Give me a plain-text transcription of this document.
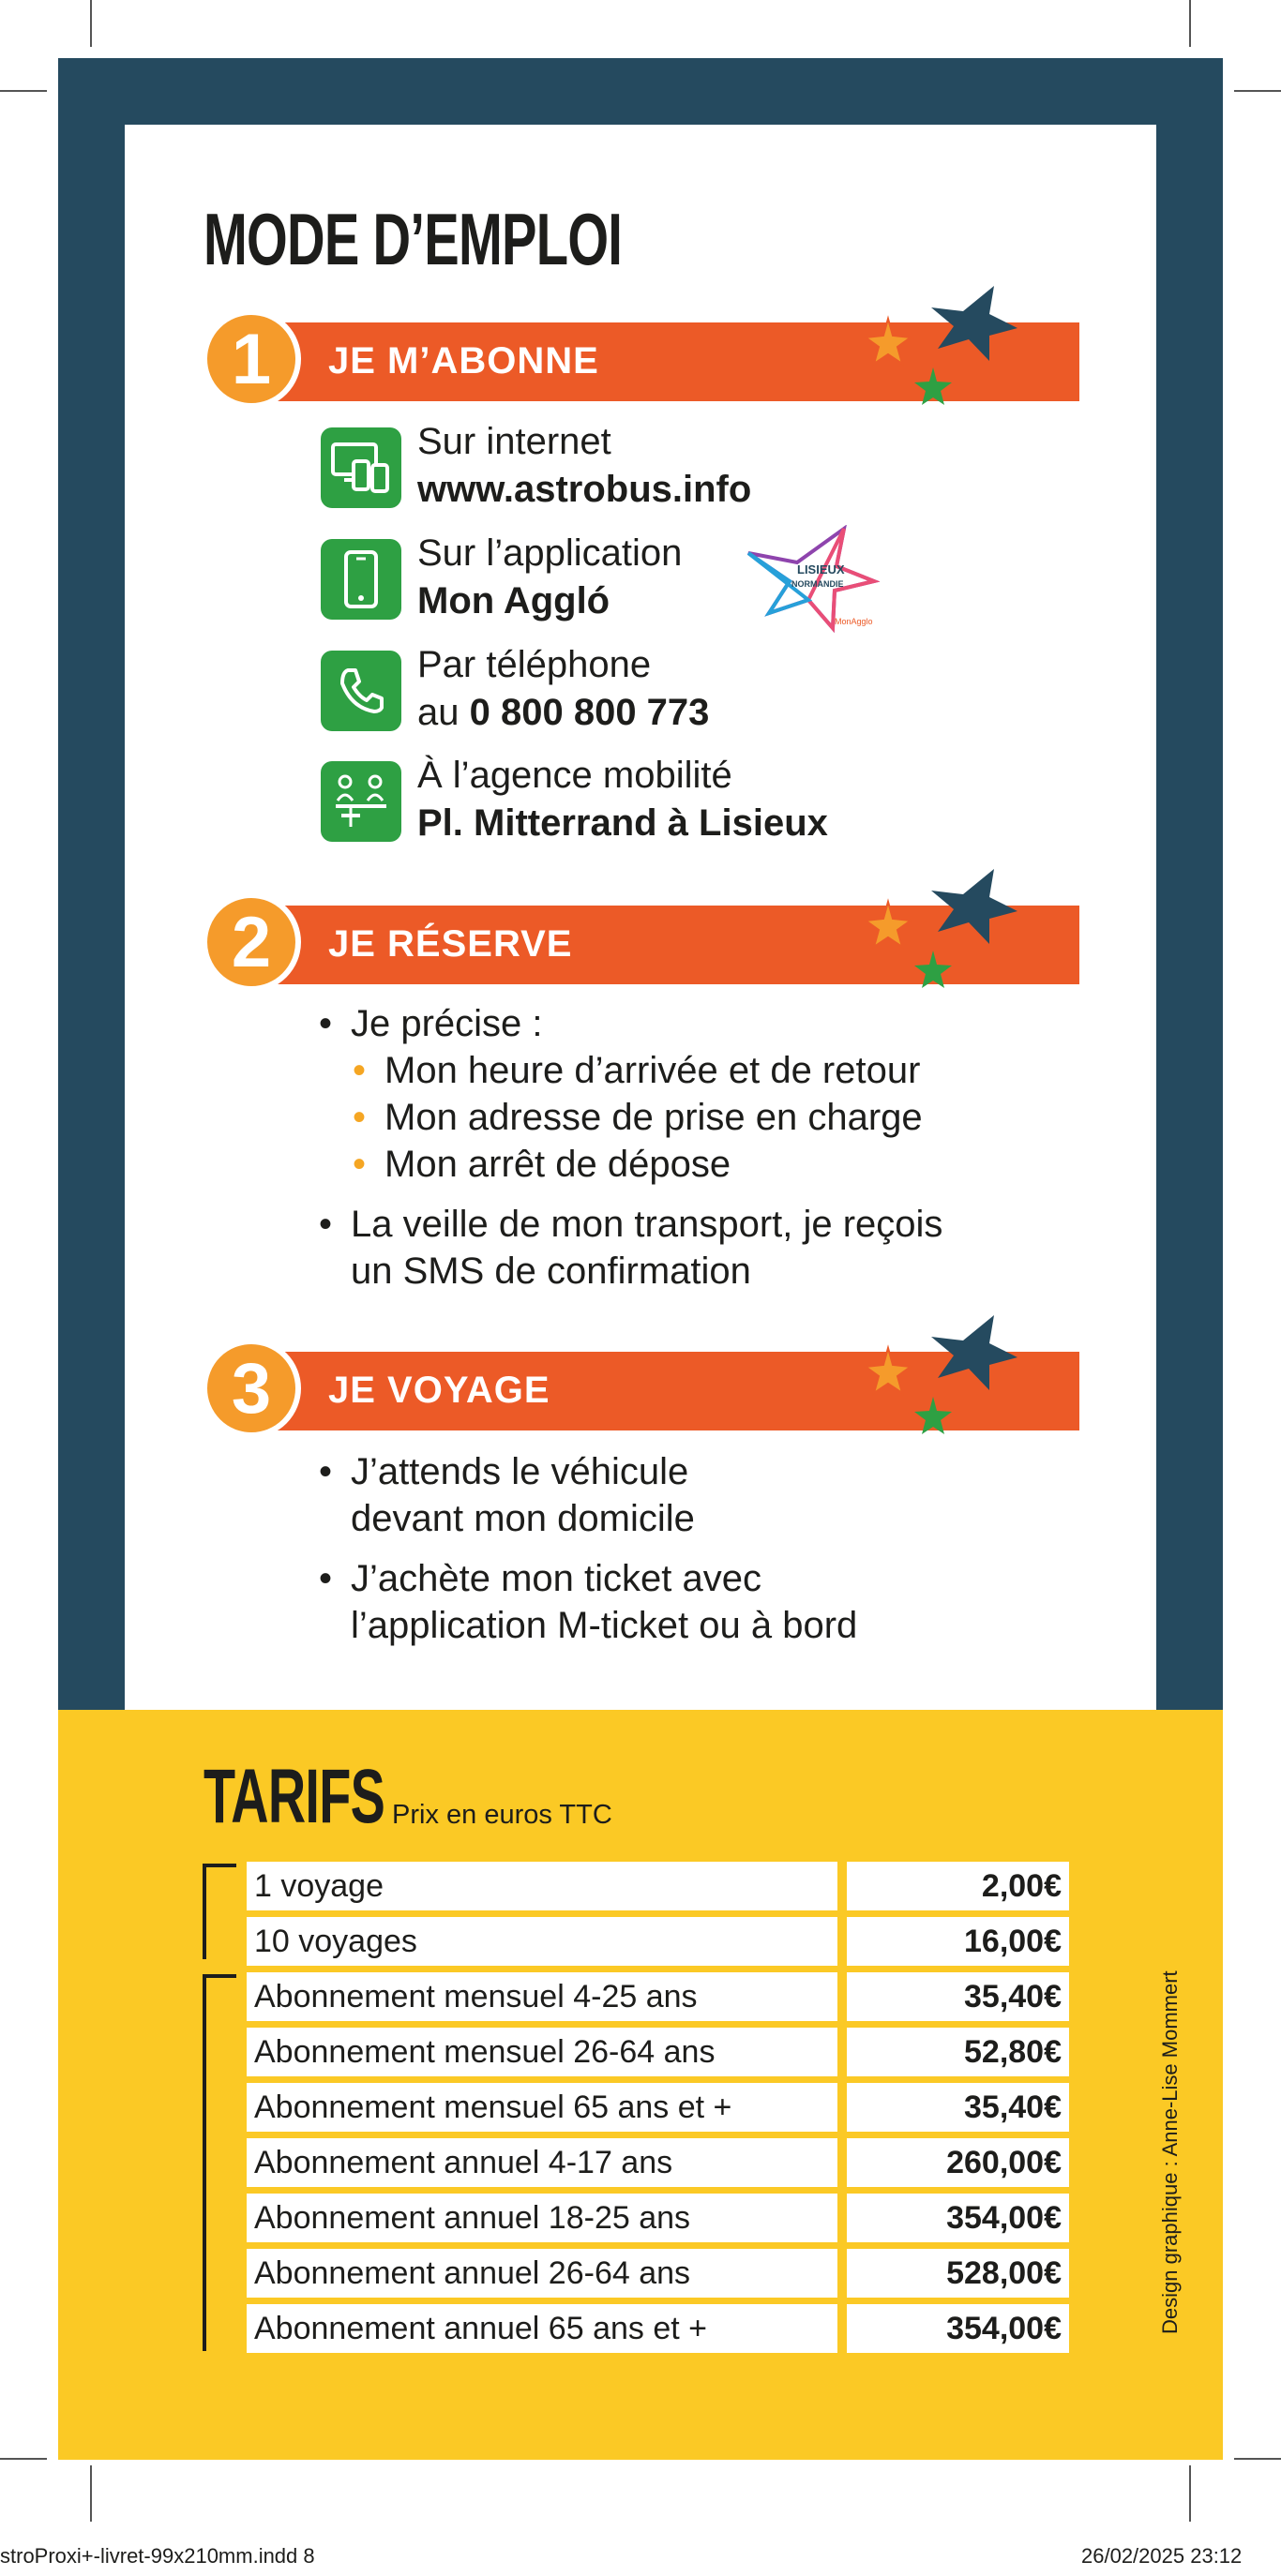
MODE D’EMPLOI
1	JE M’ABONNE
Sur internet
www.astrobus.info
Sur l’application
Mon Aggló
LISIEUX
NORMANDIE
MonAgglo
Par téléphone
au 0 800 800 773
À l’agence mobilité
Pl. Mitterrand à Lisieux
2	JE RÉSERVE
• Je précise :
• Mon heure d’arrivée et de retour
• Mon adresse de prise en charge
• Mon arrêt de dépose
• La veille de mon transport, je reçois
un SMS de confirmation
3	JE VOYAGE
• J’attends le véhicule
devant mon domicile
• J’achète mon ticket avec
l’application M-ticket ou à bord
TARIFS Prix en euros TTC
1 voyage	2,00€
10 voyages	16,00€
Abonnement mensuel 4-25 ans	35,40€
Abonnement mensuel 26-64 ans	52,80€
Abonnement mensuel 65 ans et +	35,40€
Abonnement annuel 4-17 ans	260,00€
Abonnement annuel 18-25 ans	354,00€
Abonnement annuel 26-64 ans	528,00€
Abonnement annuel 65 ans et +	354,00€	Design graphique : Anne-Lise Mommert
stroProxi+-livret-99x210mm.indd 8	26/02/2025 23:12
